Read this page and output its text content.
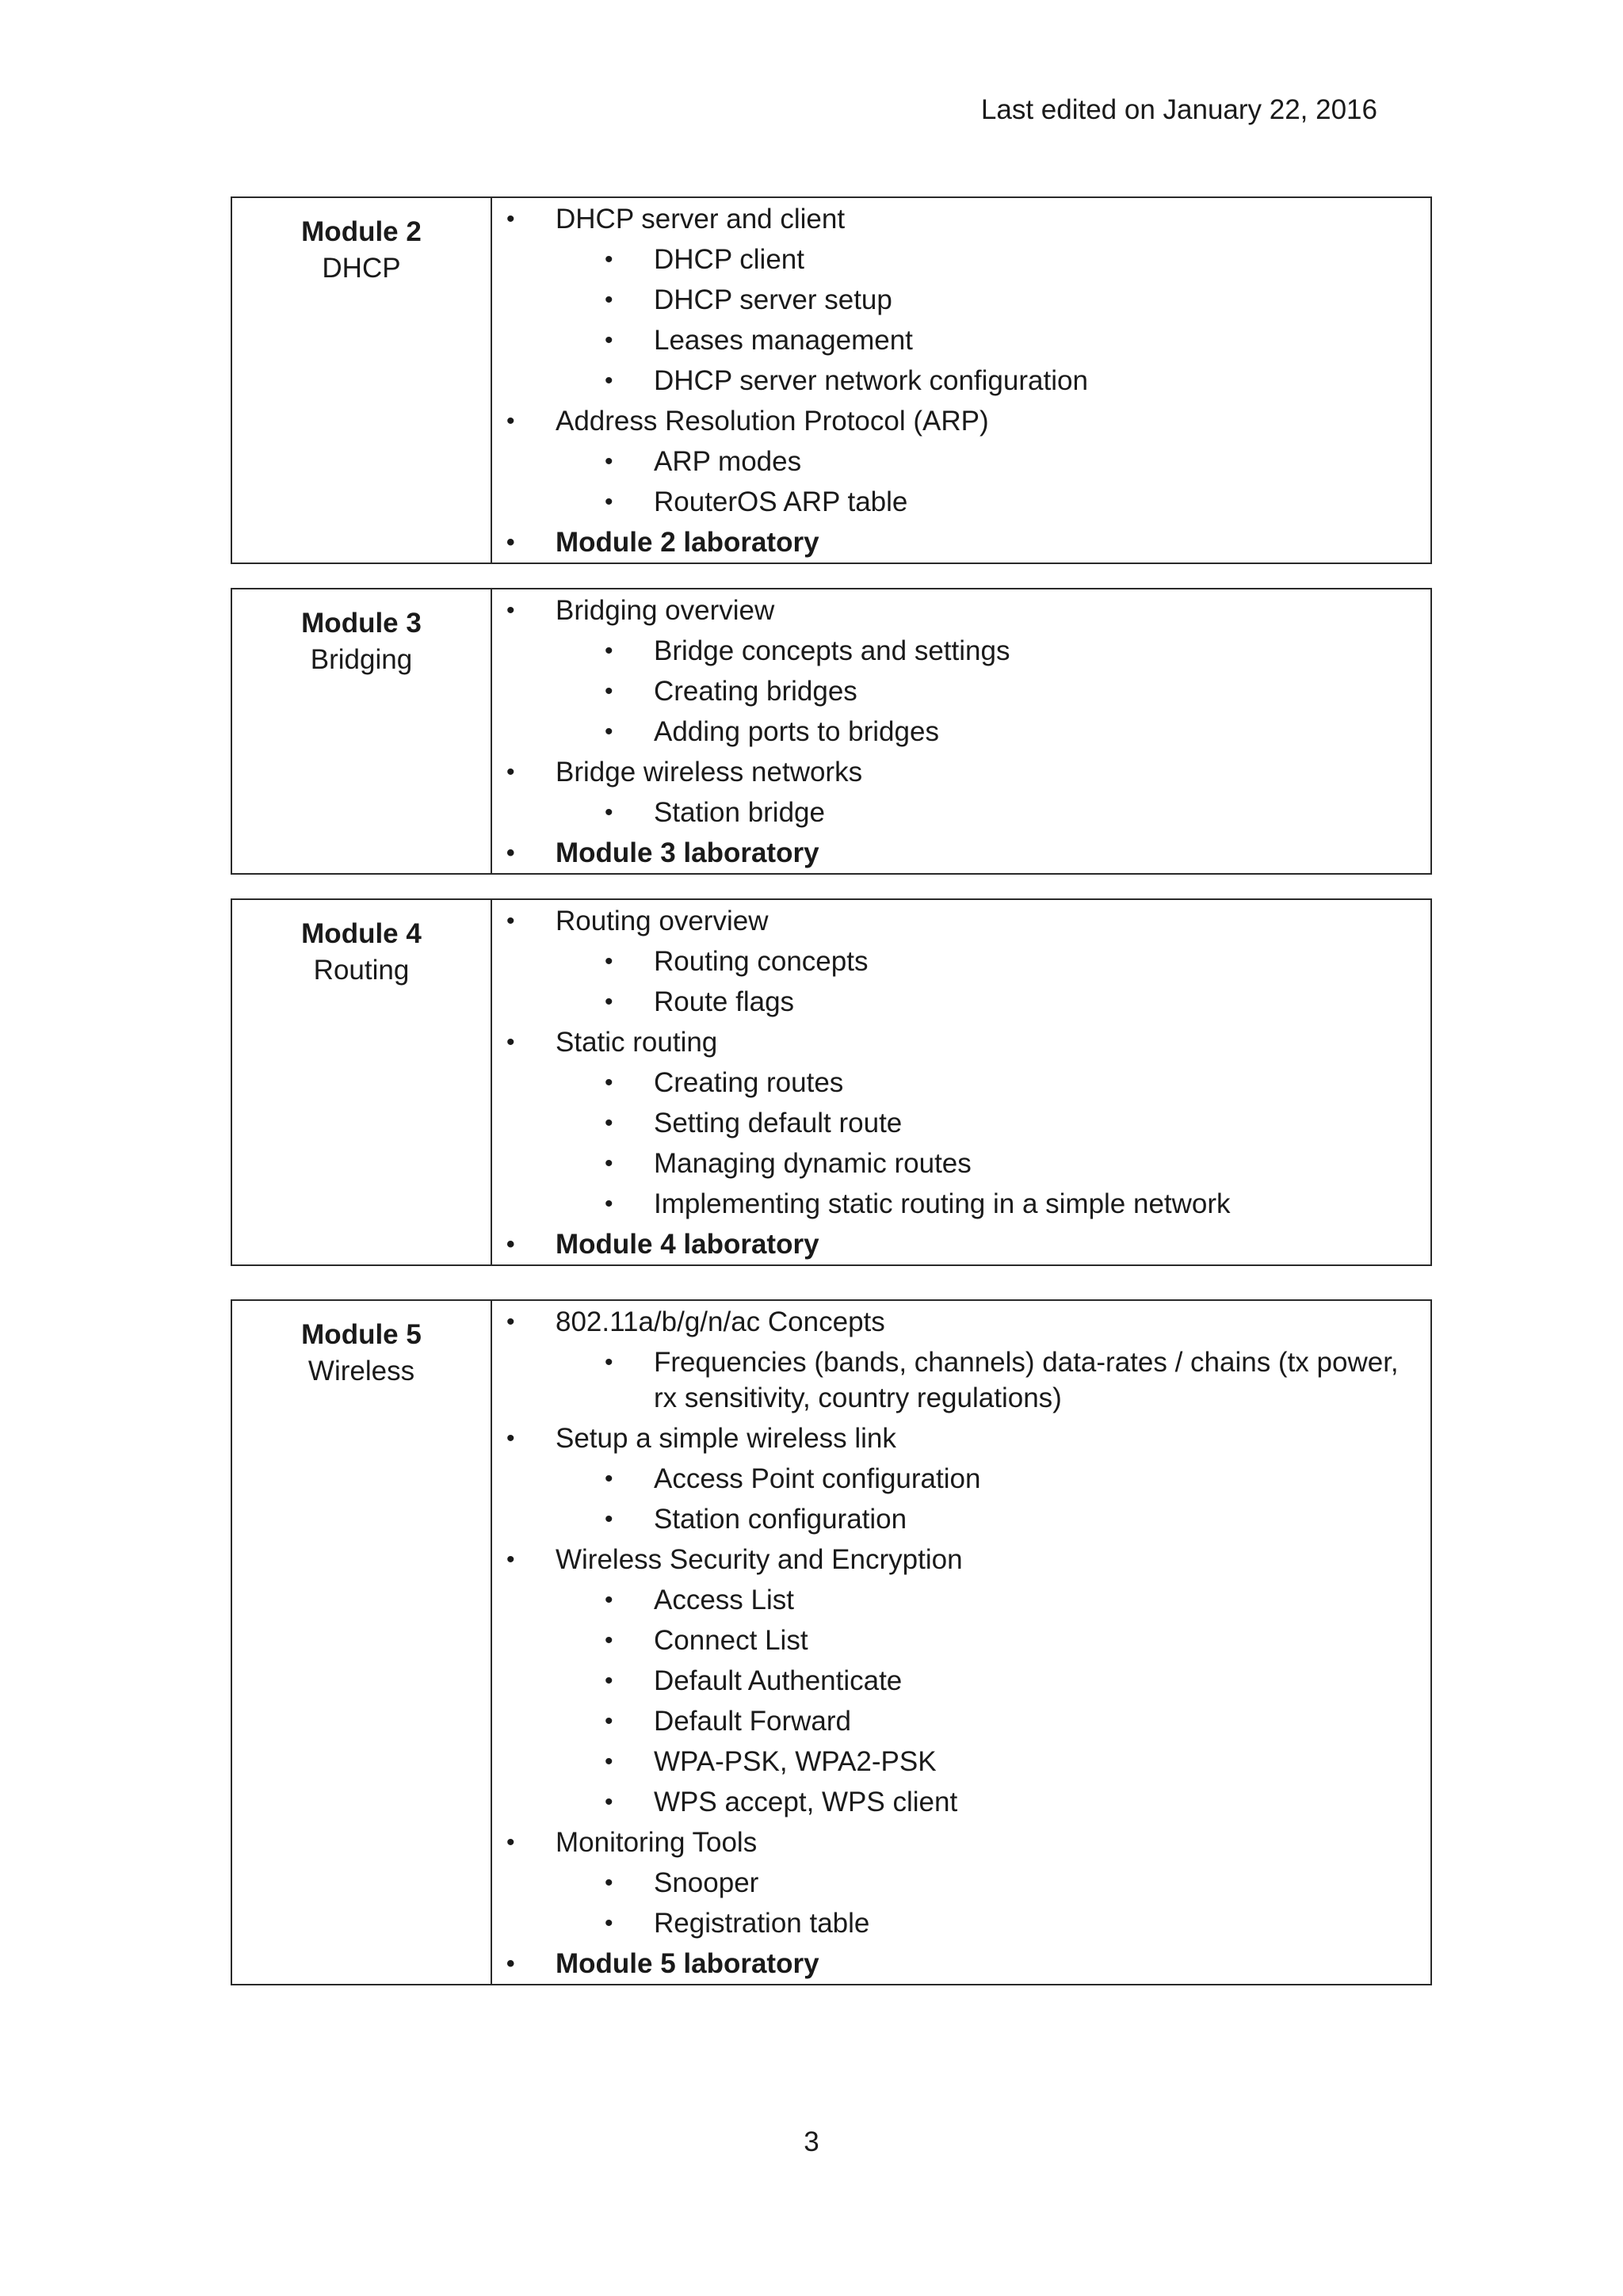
Last edited on January 22, 2016
Module 2
DHCP
• DHCP server and client
• DHCP client
• DHCP server setup
• Leases management
• DHCP server network configuration
• Address Resolution Protocol (ARP)
• ARP modes
• RouterOS ARP table
• Module 2 laboratory
Module 3
Bridging
• Bridging overview
• Bridge concepts and settings
• Creating bridges
• Adding ports to bridges
• Bridge wireless networks
• Station bridge
• Module 3 laboratory
Module 4
Routing
• Routing overview
• Routing concepts
• Route flags
• Static routing
• Creating routes
• Setting default route
• Managing dynamic routes
• Implementing static routing in a simple network
• Module 4 laboratory
Module 5
Wireless
• 802.11a/b/g/n/ac Concepts
• Frequencies (bands, channels) data-rates / chains (tx power, rx sensitivity, country regulations)
• Setup a simple wireless link
• Access Point configuration
• Station configuration
• Wireless Security and Encryption
• Access List
• Connect List
• Default Authenticate
• Default Forward
• WPA-PSK, WPA2-PSK
• WPS accept, WPS client
• Monitoring Tools
• Snooper
• Registration table
• Module 5 laboratory
3
